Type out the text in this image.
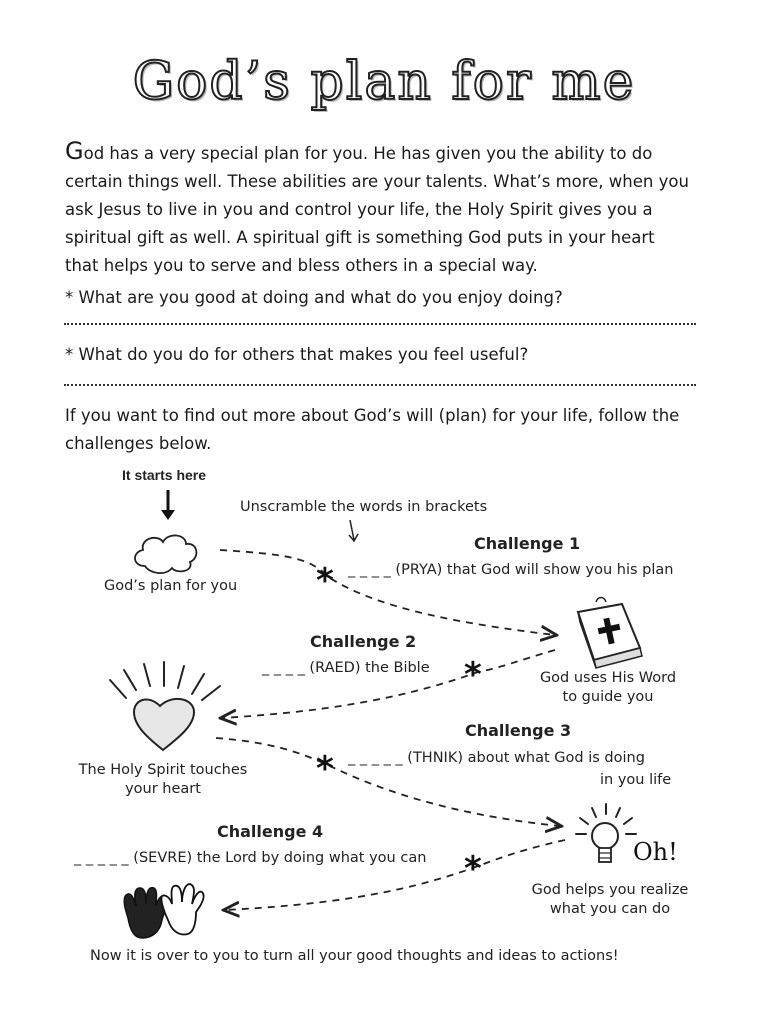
God’s plan for me
God has a very special plan for you. He has given you the ability to do
certain things well. These abilities are your talents. What’s more, when you
ask Jesus to live in you and control your life, the Holy Spirit gives you a
spiritual gift as well. A spiritual gift is something God puts in your heart
that helps you to serve and bless others in a special way.
* What are you good at doing and what do you enjoy doing?
* What do you do for others that makes you feel useful?
If you want to find out more about God’s will (plan) for your life, follow the
challenges below.
*
*
*
*
It starts here
Unscramble the words in brackets
Challenge 1
_ _ _ _ (PRYA) that God will show you his plan
God’s plan for you
Challenge 2
_ _ _ _ (RAED) the Bible
God uses His Word
to guide you
Challenge 3
_ _ _ _ _ (THNIK) about what God is doing
in you life
The Holy Spirit touches
your heart
Challenge 4
_ _ _ _ _ (SEVRE) the Lord by doing what you can	Oh!
God helps you realize
what you can do
Now it is over to you to turn all your good thoughts and ideas to actions!
